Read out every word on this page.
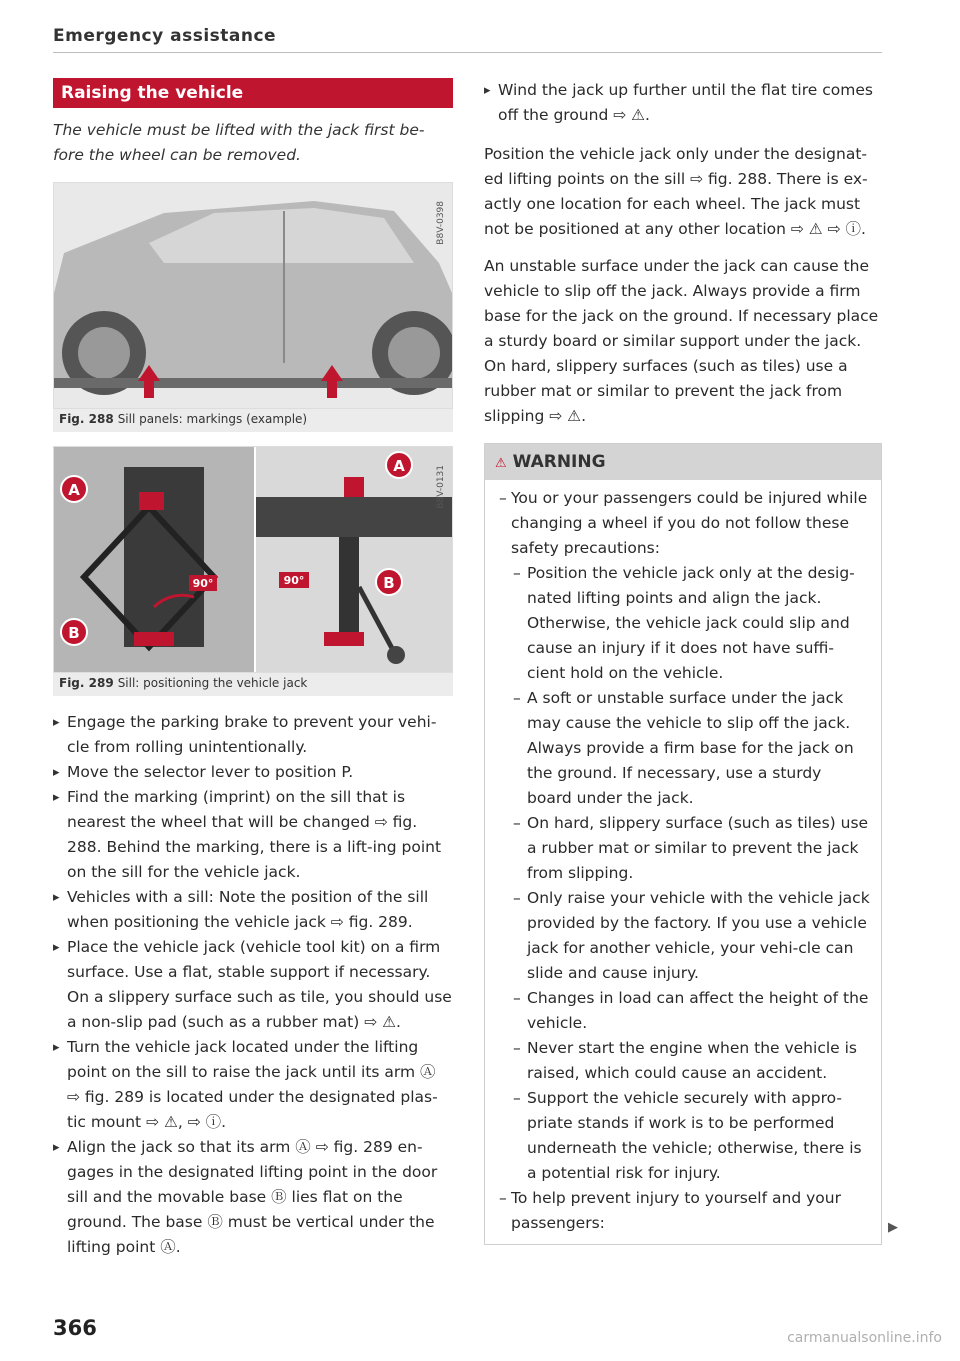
Emergency assistance
Raising the vehicle
The vehicle must be lifted with the jack first be-fore the wheel can be removed.
B8V-0398
Fig. 288 Sill panels: markings (example)
90°
A
B
90°
A
B
B8V-0131
Fig. 289 Sill: positioning the vehicle jack
▸ Engage the parking brake to prevent your vehi-cle from rolling unintentionally.
▸ Move the selector lever to position P.
▸ Find the marking (imprint) on the sill that is nearest the wheel that will be changed ⇨ fig. 288. Behind the marking, there is a lift-ing point on the sill for the vehicle jack.
▸ Vehicles with a sill: Note the position of the sill when positioning the vehicle jack ⇨ fig. 289.
▸ Place the vehicle jack (vehicle tool kit) on a firm surface. Use a flat, stable support if necessary. On a slippery surface such as tile, you should use a non-slip pad (such as a rubber mat) ⇨ ⚠.
▸ Turn the vehicle jack located under the lifting point on the sill to raise the jack until its arm Ⓐ ⇨ fig. 289 is located under the designated plas-tic mount ⇨ ⚠, ⇨ ⓘ.
▸ Align the jack so that its arm Ⓐ ⇨ fig. 289 en-gages in the designated lifting point in the door sill and the movable base Ⓑ lies flat on the ground. The base Ⓑ must be vertical under the lifting point Ⓐ.
▸ Wind the jack up further until the flat tire comes off the ground ⇨ ⚠.

Position the vehicle jack only under the designat-ed lifting points on the sill ⇨ fig. 288. There is ex-actly one location for each wheel. The jack must not be positioned at any other location ⇨ ⚠ ⇨ ⓘ.

An unstable surface under the jack can cause the vehicle to slip off the jack. Always provide a firm base for the jack on the ground. If necessary place a sturdy board or similar support under the jack. On hard, slippery surfaces (such as tiles) use a rubber mat or similar to prevent the jack from slipping ⇨ ⚠.

⚠ WARNING
– You or your passengers could be injured while changing a wheel if you do not follow these safety precautions:
– Position the vehicle jack only at the desig-nated lifting points and align the jack. Otherwise, the vehicle jack could slip and cause an injury if it does not have suffi-cient hold on the vehicle.
– A soft or unstable surface under the jack may cause the vehicle to slip off the jack. Always provide a firm base for the jack on the ground. If necessary, use a sturdy board under the jack.
– On hard, slippery surface (such as tiles) use a rubber mat or similar to prevent the jack from slipping.
– Only raise your vehicle with the vehicle jack provided by the factory. If you use a vehicle jack for another vehicle, your vehi-cle can slide and cause injury.
– Changes in load can affect the height of the vehicle.
– Never start the engine when the vehicle is raised, which could cause an accident.
– Support the vehicle securely with appro-priate stands if work is to be performed underneath the vehicle; otherwise, there is a potential risk for injury.
– To help prevent injury to yourself and your passengers:	▶
366	carmanualsonline.info
